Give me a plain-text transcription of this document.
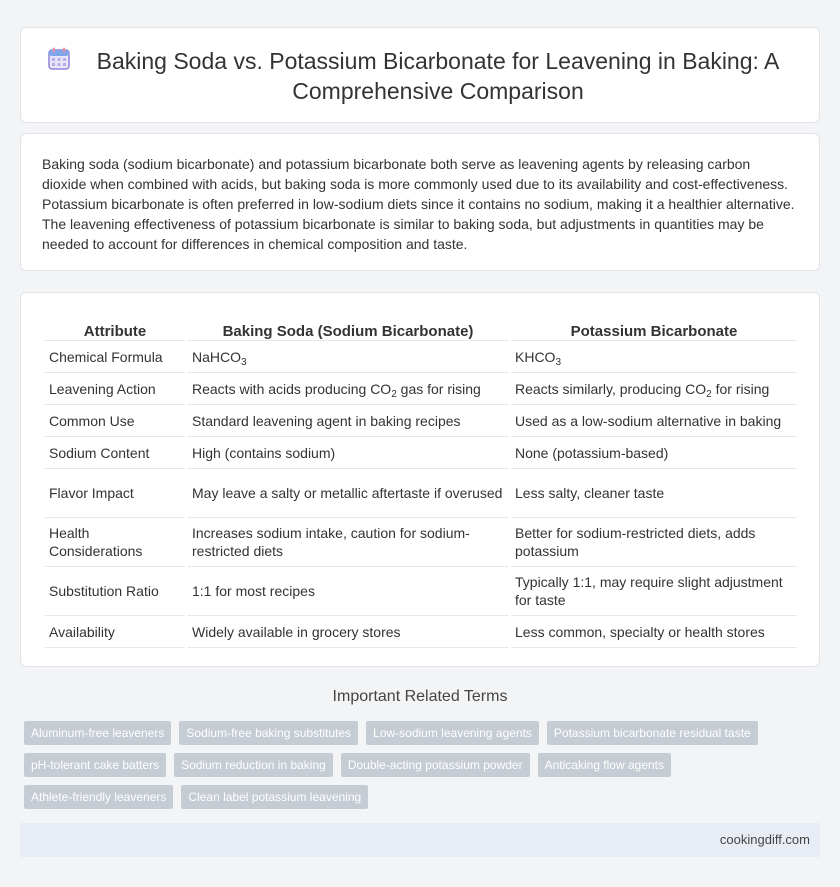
Baking Soda vs. Potassium Bicarbonate for Leavening in Baking: A Comprehensive Comparison

Baking soda (sodium bicarbonate) and potassium bicarbonate both serve as leavening agents by releasing carbon dioxide when combined with acids, but baking soda is more commonly used due to its availability and cost-effectiveness. Potassium bicarbonate is often preferred in low-sodium diets since it contains no sodium, making it a healthier alternative. The leavening effectiveness of potassium bicarbonate is similar to baking soda, but adjustments in quantities may be needed to account for differences in chemical composition and taste.

Attribute	Baking Soda (Sodium Bicarbonate)	Potassium Bicarbonate
Chemical Formula	NaHCO$_3$	$KHCO_3$
Leavening Action	Reacts with acids producing $CO_2$ gas for rising	Reacts similarly, producing $CO_2$ for rising
Common Use	Standard leavening agent in baking recipes	Used as a low-sodium alternative in baking
Sodium Content	High (contains sodium)	None (potassium-based)
Flavor Impact	May leave a salty or metallic aftertaste if overused	Less salty, cleaner taste
Health Considerations	Increases sodium intake, caution for sodium-restricted diets	Better for sodium-restricted diets, adds potassium
Substitution Ratio	1:1 for most recipes	Typically 1:1, may require slight adjustment for taste
Availability	Widely available in grocery stores	Less common, specialty or health stores
Important Related Terms
Aluminum-free leaveners	Sodium-free baking substitutes	Low-sodium leavening agents	Potassium bicarbonate residual taste
pH-tolerant cake batters	Sodium reduction in baking	Double-acting potassium powder	Anticaking flow agents
Athlete-friendly leaveners	Clean label potassium leavening
cookingdiff.com
